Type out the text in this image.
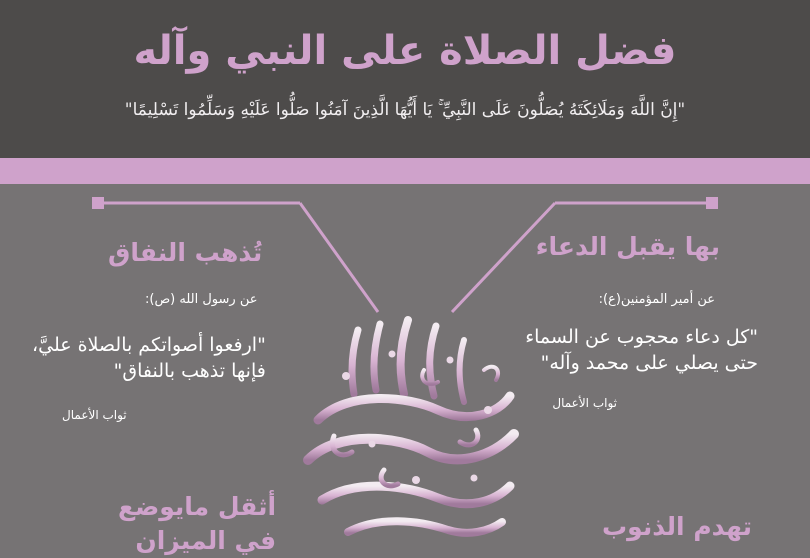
فضل الصلاة على النبي وآله
"إِنَّ اللَّهَ وَمَلَائِكَتَهُ يُصَلُّونَ عَلَى النَّبِيِّ ۚ يَا أَيُّهَا الَّذِينَ آمَنُوا صَلُّوا عَلَيْهِ وَسَلِّمُوا تَسْلِيمًا"
بها يقبل الدعاء
عن أمير المؤمنين(ع):
"كل دعاء محجوب عن السماء
حتى يصلي على محمد وآله"
ثواب الأعمال
تُذهب النفاق
عن رسول الله (ص):
"ارفعوا أصواتكم بالصلاة عليَّ،
فإنها تذهب بالنفاق"
ثواب الأعمال
تهدم الذنوب
أثقل مايوضع
في الميزان
